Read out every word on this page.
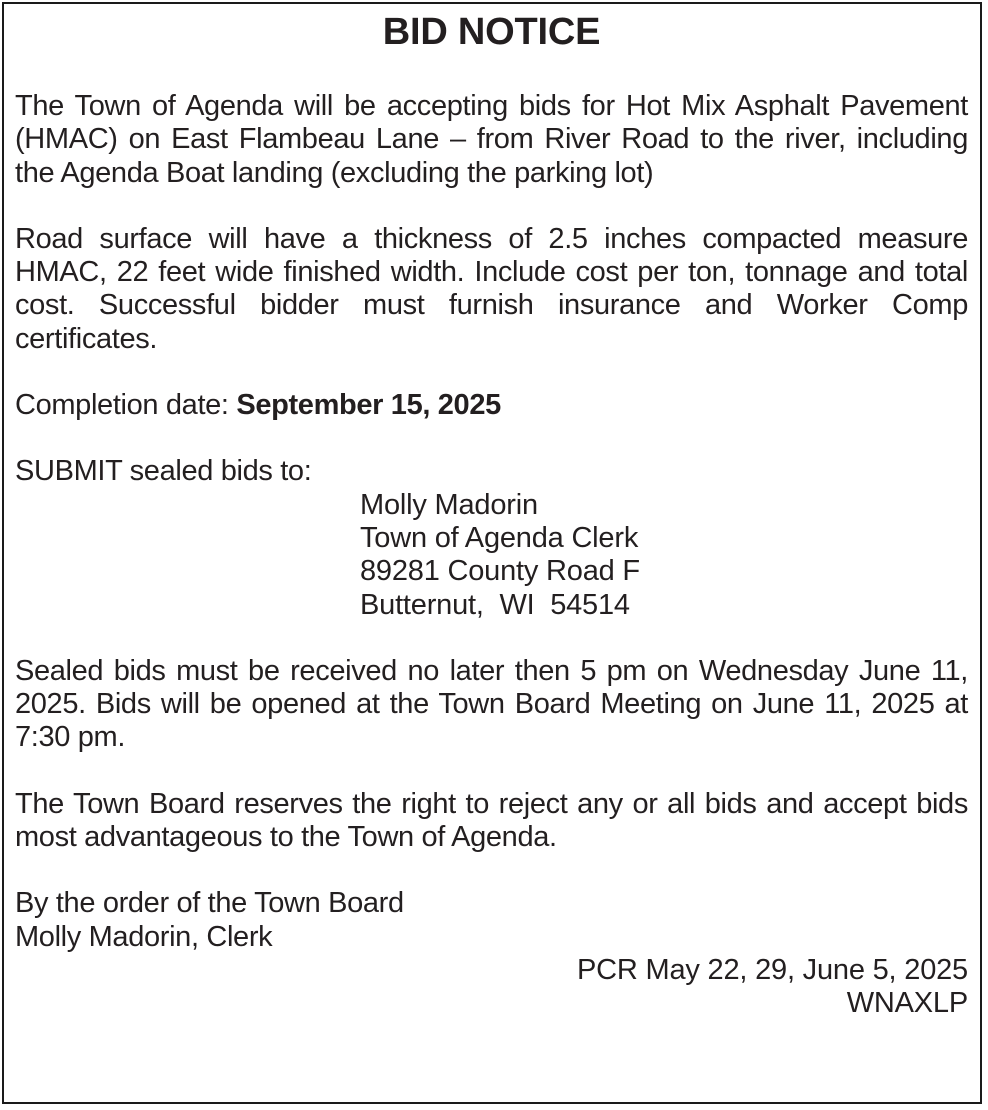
BID NOTICE

The Town of Agenda will be accepting bids for Hot Mix Asphalt Pavement (HMAC) on East Flambeau Lane – from River Road to the river, including the Agenda Boat landing (excluding the parking lot)

Road surface will have a thickness of 2.5 inches compacted measure HMAC, 22 feet wide finished width. Include cost per ton, tonnage and total cost. Successful bidder must furnish insurance and Worker Comp certificates.

Completion date: September 15, 2025

SUBMIT sealed bids to:

Molly Madorin

Town of Agenda Clerk

89281 County Road F

Butternut,  WI  54514

Sealed bids must be received no later then 5 pm on Wednesday June 11, 2025. Bids will be opened at the Town Board Meeting on June 11, 2025 at 7:30 pm.

The Town Board reserves the right to reject any or all bids and accept bids most advantageous to the Town of Agenda.

By the order of the Town Board

Molly Madorin, Clerk

PCR May 22, 29, June 5, 2025

WNAXLP
